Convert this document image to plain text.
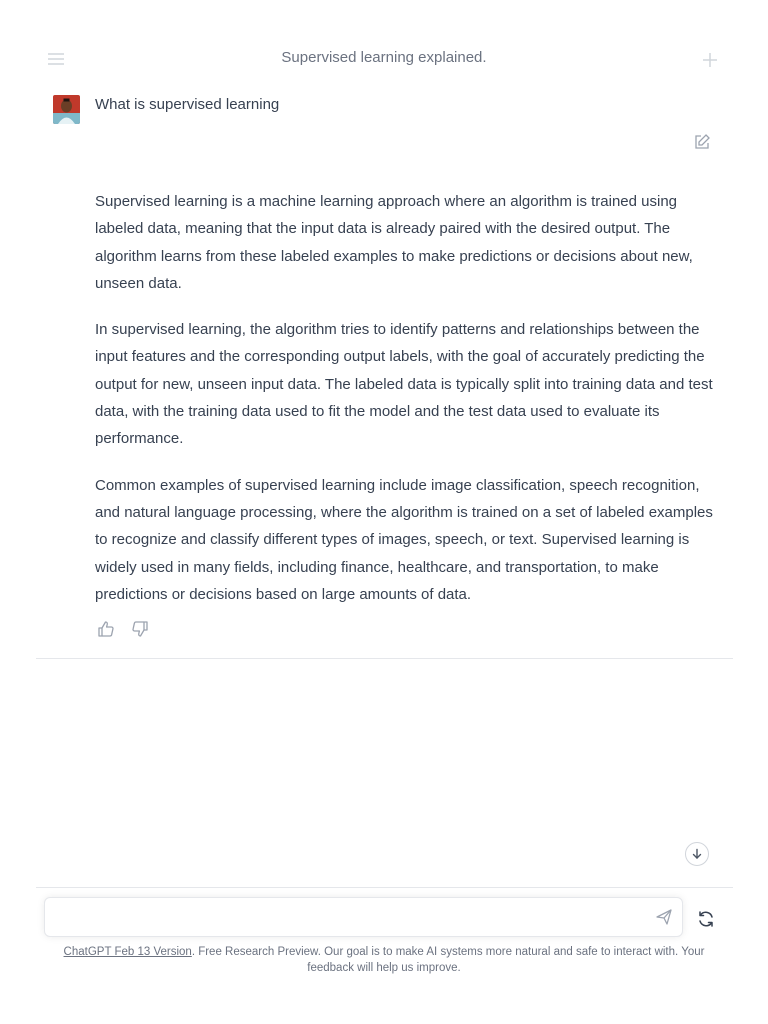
Supervised learning explained.
What is supervised learning

Supervised learning is a machine learning approach where an algorithm is trained using labeled data, meaning that the input data is already paired with the desired output. The algorithm learns from these labeled examples to make predictions or decisions about new, unseen data.

In supervised learning, the algorithm tries to identify patterns and relationships between the input features and the corresponding output labels, with the goal of accurately predicting the output for new, unseen input data. The labeled data is typically split into training data and test data, with the training data used to fit the model and the test data used to evaluate its performance.

Common examples of supervised learning include image classification, speech recognition, and natural language processing, where the algorithm is trained on a set of labeled examples to recognize and classify different types of images, speech, or text. Supervised learning is widely used in many fields, including finance, healthcare, and transportation, to make predictions or decisions based on large amounts of data.

ChatGPT Feb 13 Version. Free Research Preview. Our goal is to make AI systems more natural and safe to interact with. Your feedback will help us improve.
